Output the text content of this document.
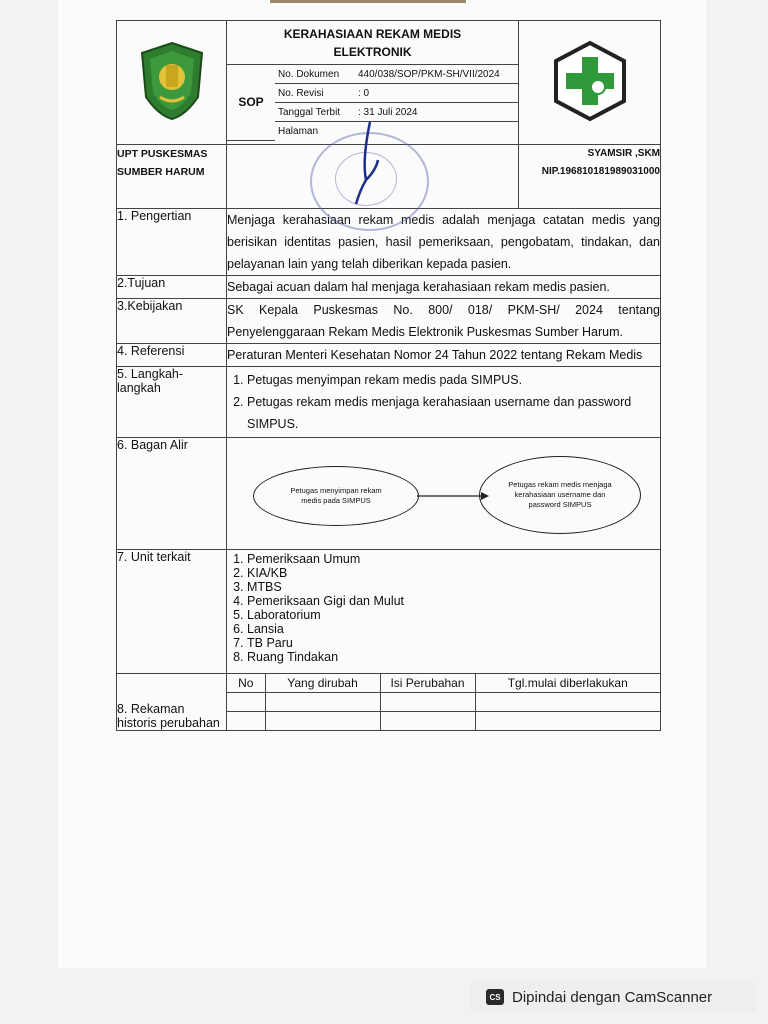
KERAHASIAAN REKAM MEDIS
ELEKTRONIK
SOP	No. Dokumen	440/038/SOP/PKM-SH/VII/2024
No. Revisi	: 0
Tanggal Terbit	: 31 Juli 2024
Halaman	

UPT PUSKESMAS
SUMBER HARUM

SYAMSIR ,SKM
NIP.196810181989031000

1. Pengertian	Menjaga kerahasiaan rekam medis adalah menjaga catatan medis yang berisikan identitas pasien, hasil pemeriksaan, pengobatam, tindakan, dan pelayanan lain yang telah diberikan kepada pasien.
2.Tujuan	Sebagai acuan dalam hal menjaga kerahasiaan rekam medis pasien.
3.Kebijakan	SK Kepala Puskesmas No. 800/ 018/ PKM-SH/ 2024 tentang Penyelenggaraan Rekam Medis Elektronik Puskesmas Sumber Harum.
4. Referensi	Peraturan Menteri Kesehatan Nomor 24 Tahun 2022 tentang Rekam Medis
5. Langkah-langkah	
1. Petugas menyimpan rekam medis pada SIMPUS.
2. Petugas rekam medis menjaga kerahasiaan username dan password SIMPUS.

6. Bagan Alir	
Petugas menyimpan rekam medis pada SIMPUS
Petugas rekam medis menjaga kerahasiaan username dan password SIMPUS

7. Unit terkait	
1.Pemeriksaan Umum
2. KIA/KB
3. MTBS
4. Pemeriksaan Gigi dan Mulut
5. Laboratorium
6. Lansia
7. TB Paru
8. Ruang Tindakan

8. Rekaman historis perubahan	
No	Yang dirubah	Isi Perubahan	Tgl.mulai diberlakukan

CS Dipindai dengan CamScanner
